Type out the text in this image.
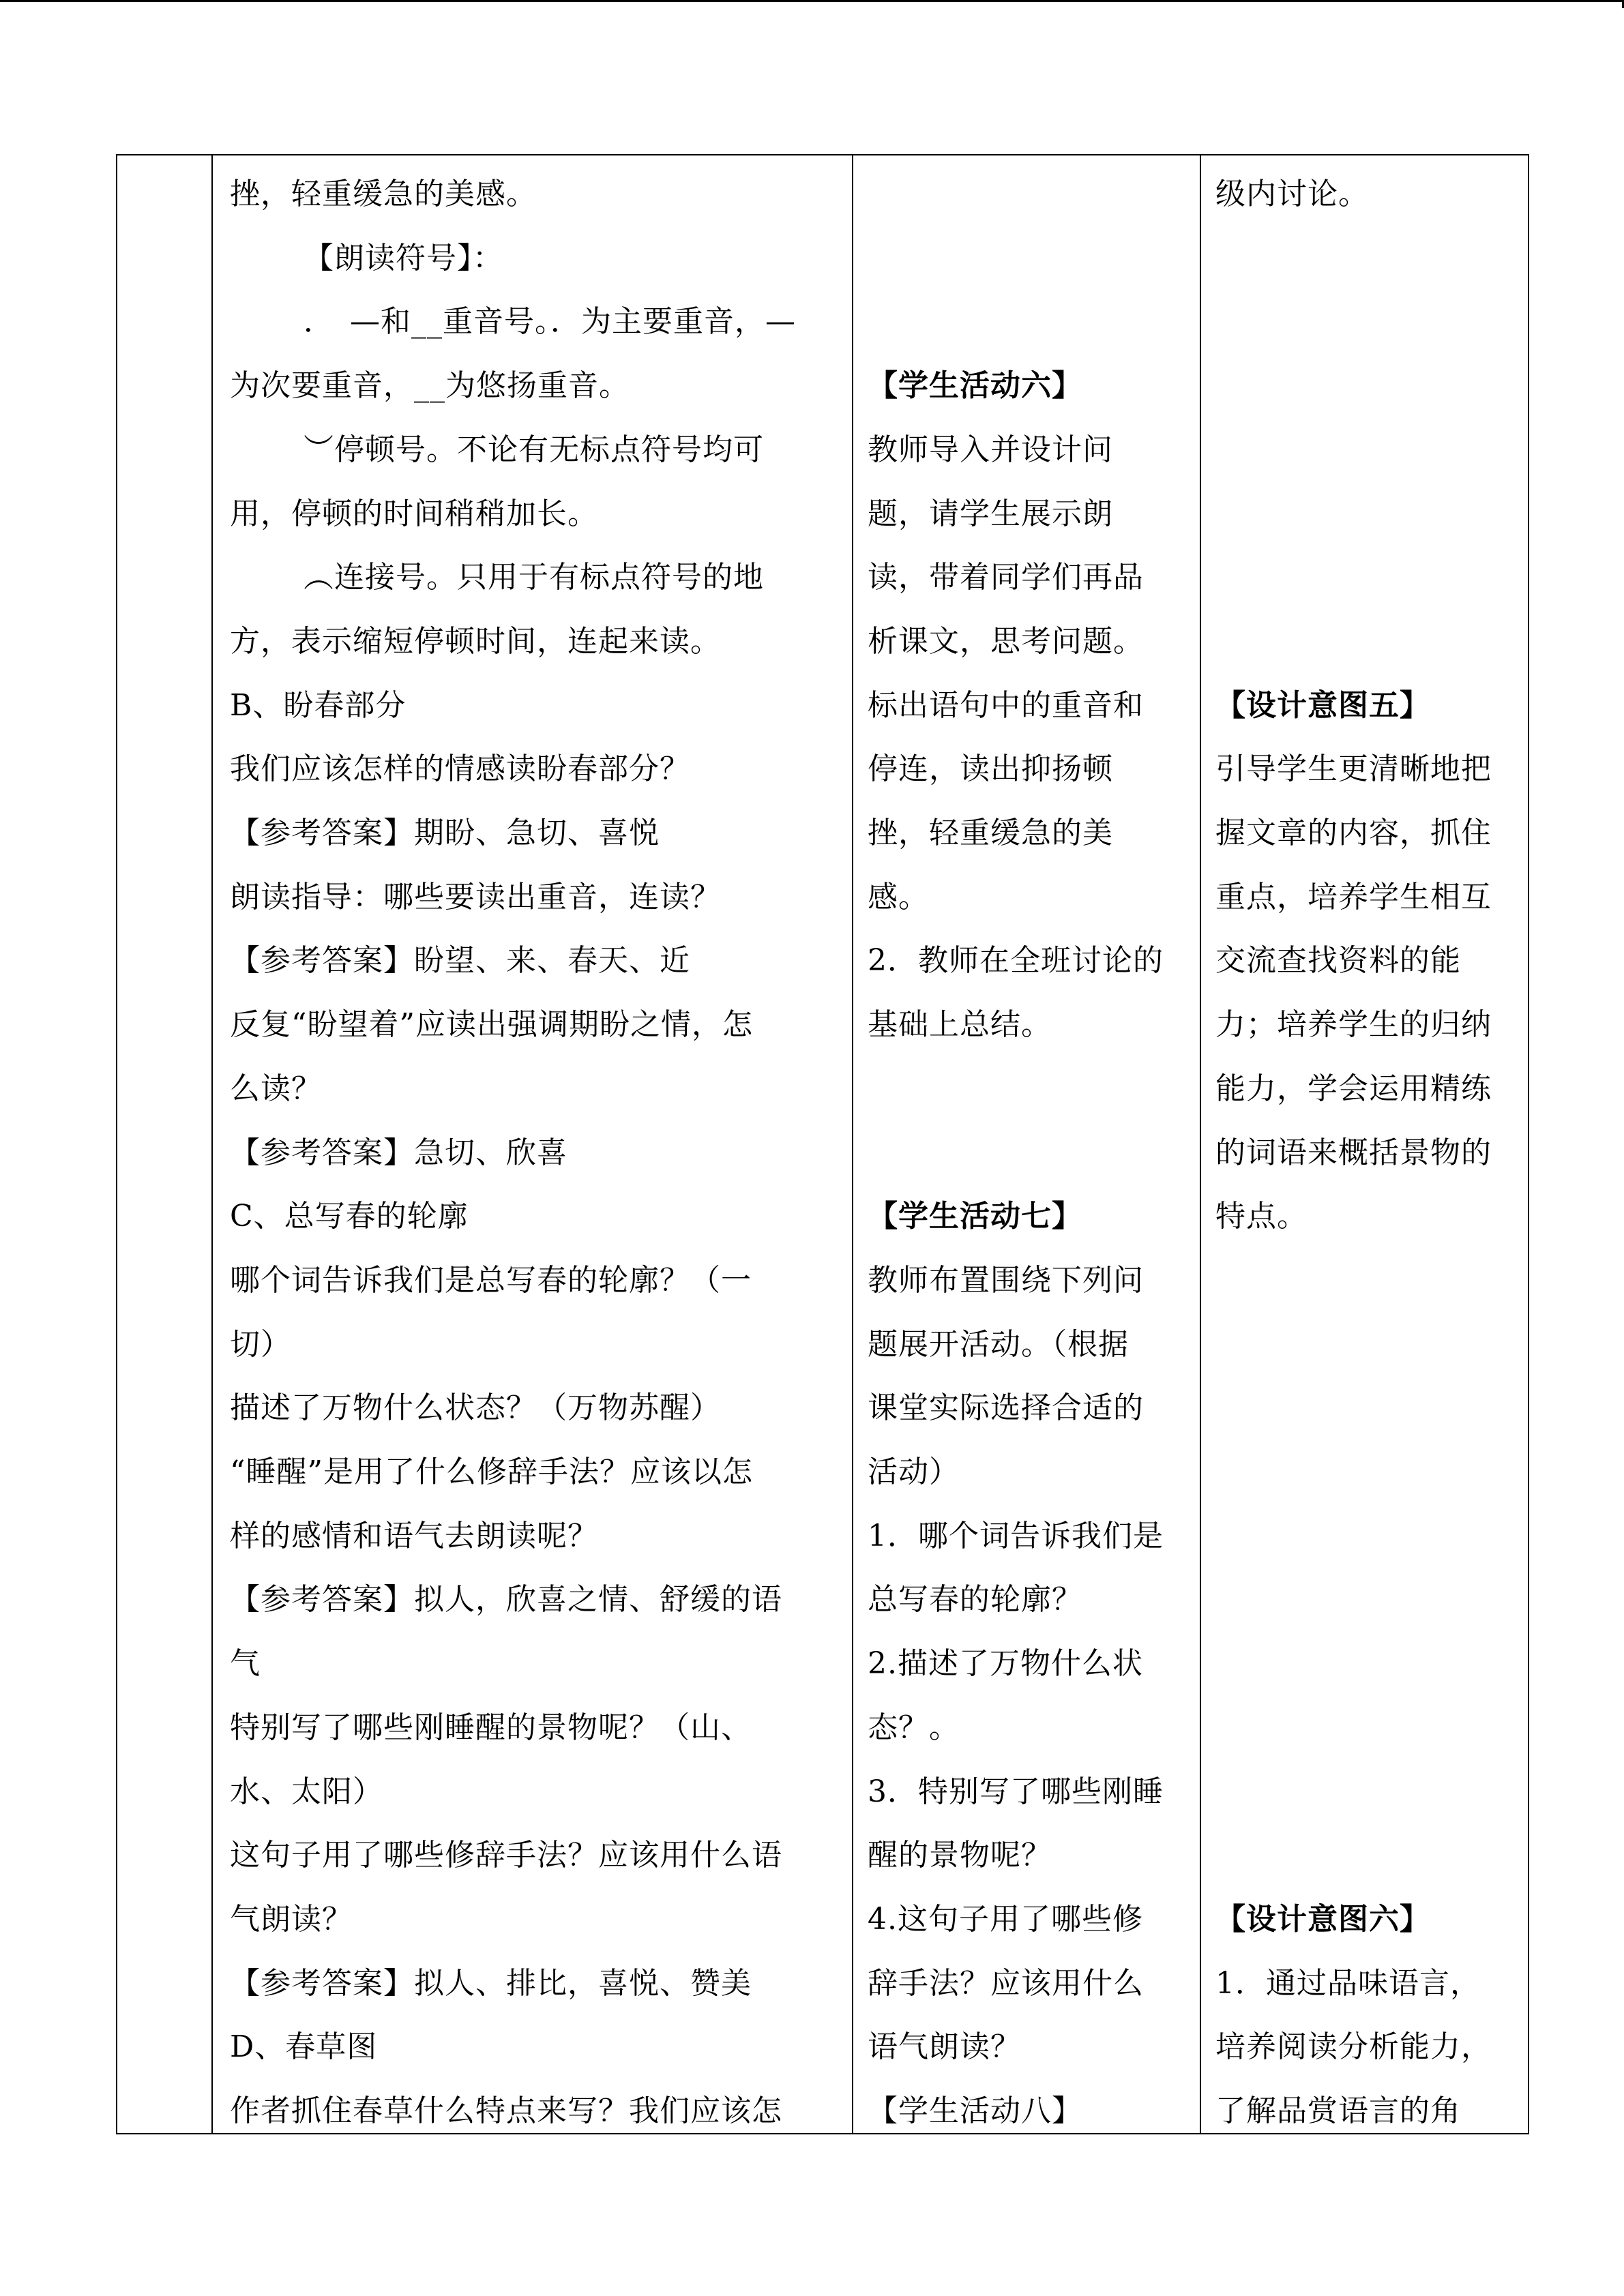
挫，轻重缓急的美感。
【朗读符号】：
．　—和__重音号。．为主要重音，—
为次要重音，__为悠扬重音。
︶停顿号。不论有无标点符号均可
用，停顿的时间稍稍加长。
︵连接号。只用于有标点符号的地
方，表示缩短停顿时间，连起来读。
B、盼春部分
我们应该怎样的情感读盼春部分？
【参考答案】期盼、急切、喜悦
朗读指导：哪些要读出重音，连读？
【参考答案】盼望、来、春天、近
反复“盼望着”应读出强调期盼之情，怎
么读？
【参考答案】急切、欣喜
C、总写春的轮廓
哪个词告诉我们是总写春的轮廓？（一
切）
描述了万物什么状态？（万物苏醒）
“睡醒”是用了什么修辞手法？应该以怎
样的感情和语气去朗读呢？
【参考答案】拟人，欣喜之情、舒缓的语
气
特别写了哪些刚睡醒的景物呢？（山、
水、太阳）
这句子用了哪些修辞手法？应该用什么语
气朗读？
【参考答案】拟人、排比，喜悦、赞美
D、春草图
作者抓住春草什么特点来写？我们应该怎
【学生活动六】
教师导入并设计问
题，请学生展示朗
读，带着同学们再品
析课文，思考问题。
标出语句中的重音和
停连，读出抑扬顿
挫，轻重缓急的美
感。
2．教师在全班讨论的
基础上总结。
【学生活动七】
教师布置围绕下列问
题展开活动。（根据
课堂实际选择合适的
活动）
1．哪个词告诉我们是
总写春的轮廓？
2.描述了万物什么状
态？。
3．特别写了哪些刚睡
醒的景物呢？
4.这句子用了哪些修
辞手法？应该用什么
语气朗读？
【学生活动八】
级内讨论。
【设计意图五】
引导学生更清晰地把
握文章的内容，抓住
重点，培养学生相互
交流查找资料的能
力；培养学生的归纳
能力，学会运用精练
的词语来概括景物的
特点。
【设计意图六】
1．通过品味语言，
培养阅读分析能力，
了解品赏语言的角
